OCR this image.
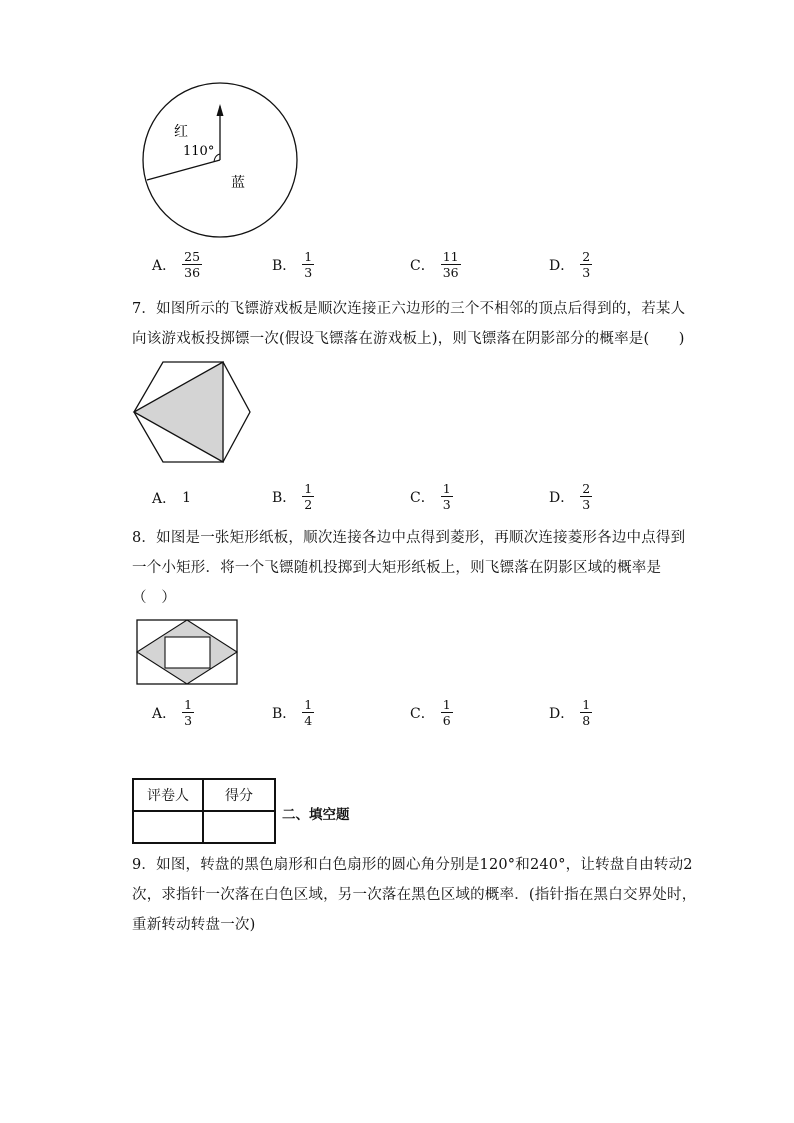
红
110°
蓝
A． $\frac{25}{36}$	B． $\frac{1}{3}$	C． $\frac{11}{36}$	D． $\frac{2}{3}$
7．如图所示的飞镖游戏板是顺次连接正六边形的三个不相邻的顶点后得到的，若某人
向该游戏板投掷镖一次(假设飞镖落在游戏板上)，则飞镖落在阴影部分的概率是(　　)
A． 1	B． $\frac{1}{2}$	C． $\frac{1}{3}$	D． $\frac{2}{3}$
8．如图是一张矩形纸板，顺次连接各边中点得到菱形，再顺次连接菱形各边中点得到
一个小矩形．将一个飞镖随机投掷到大矩形纸板上，则飞镖落在阴影区域的概率是
（　）
A． $\frac{1}{3}$	B． $\frac{1}{4}$	C． $\frac{1}{6}$	D． $\frac{1}{8}$
评卷人	得分

二、填空题
9．如图，转盘的黑色扇形和白色扇形的圆心角分别是120°和240°，让转盘自由转动2
次，求指针一次落在白色区域，另一次落在黑色区域的概率．(指针指在黑白交界处时，
重新转动转盘一次)
